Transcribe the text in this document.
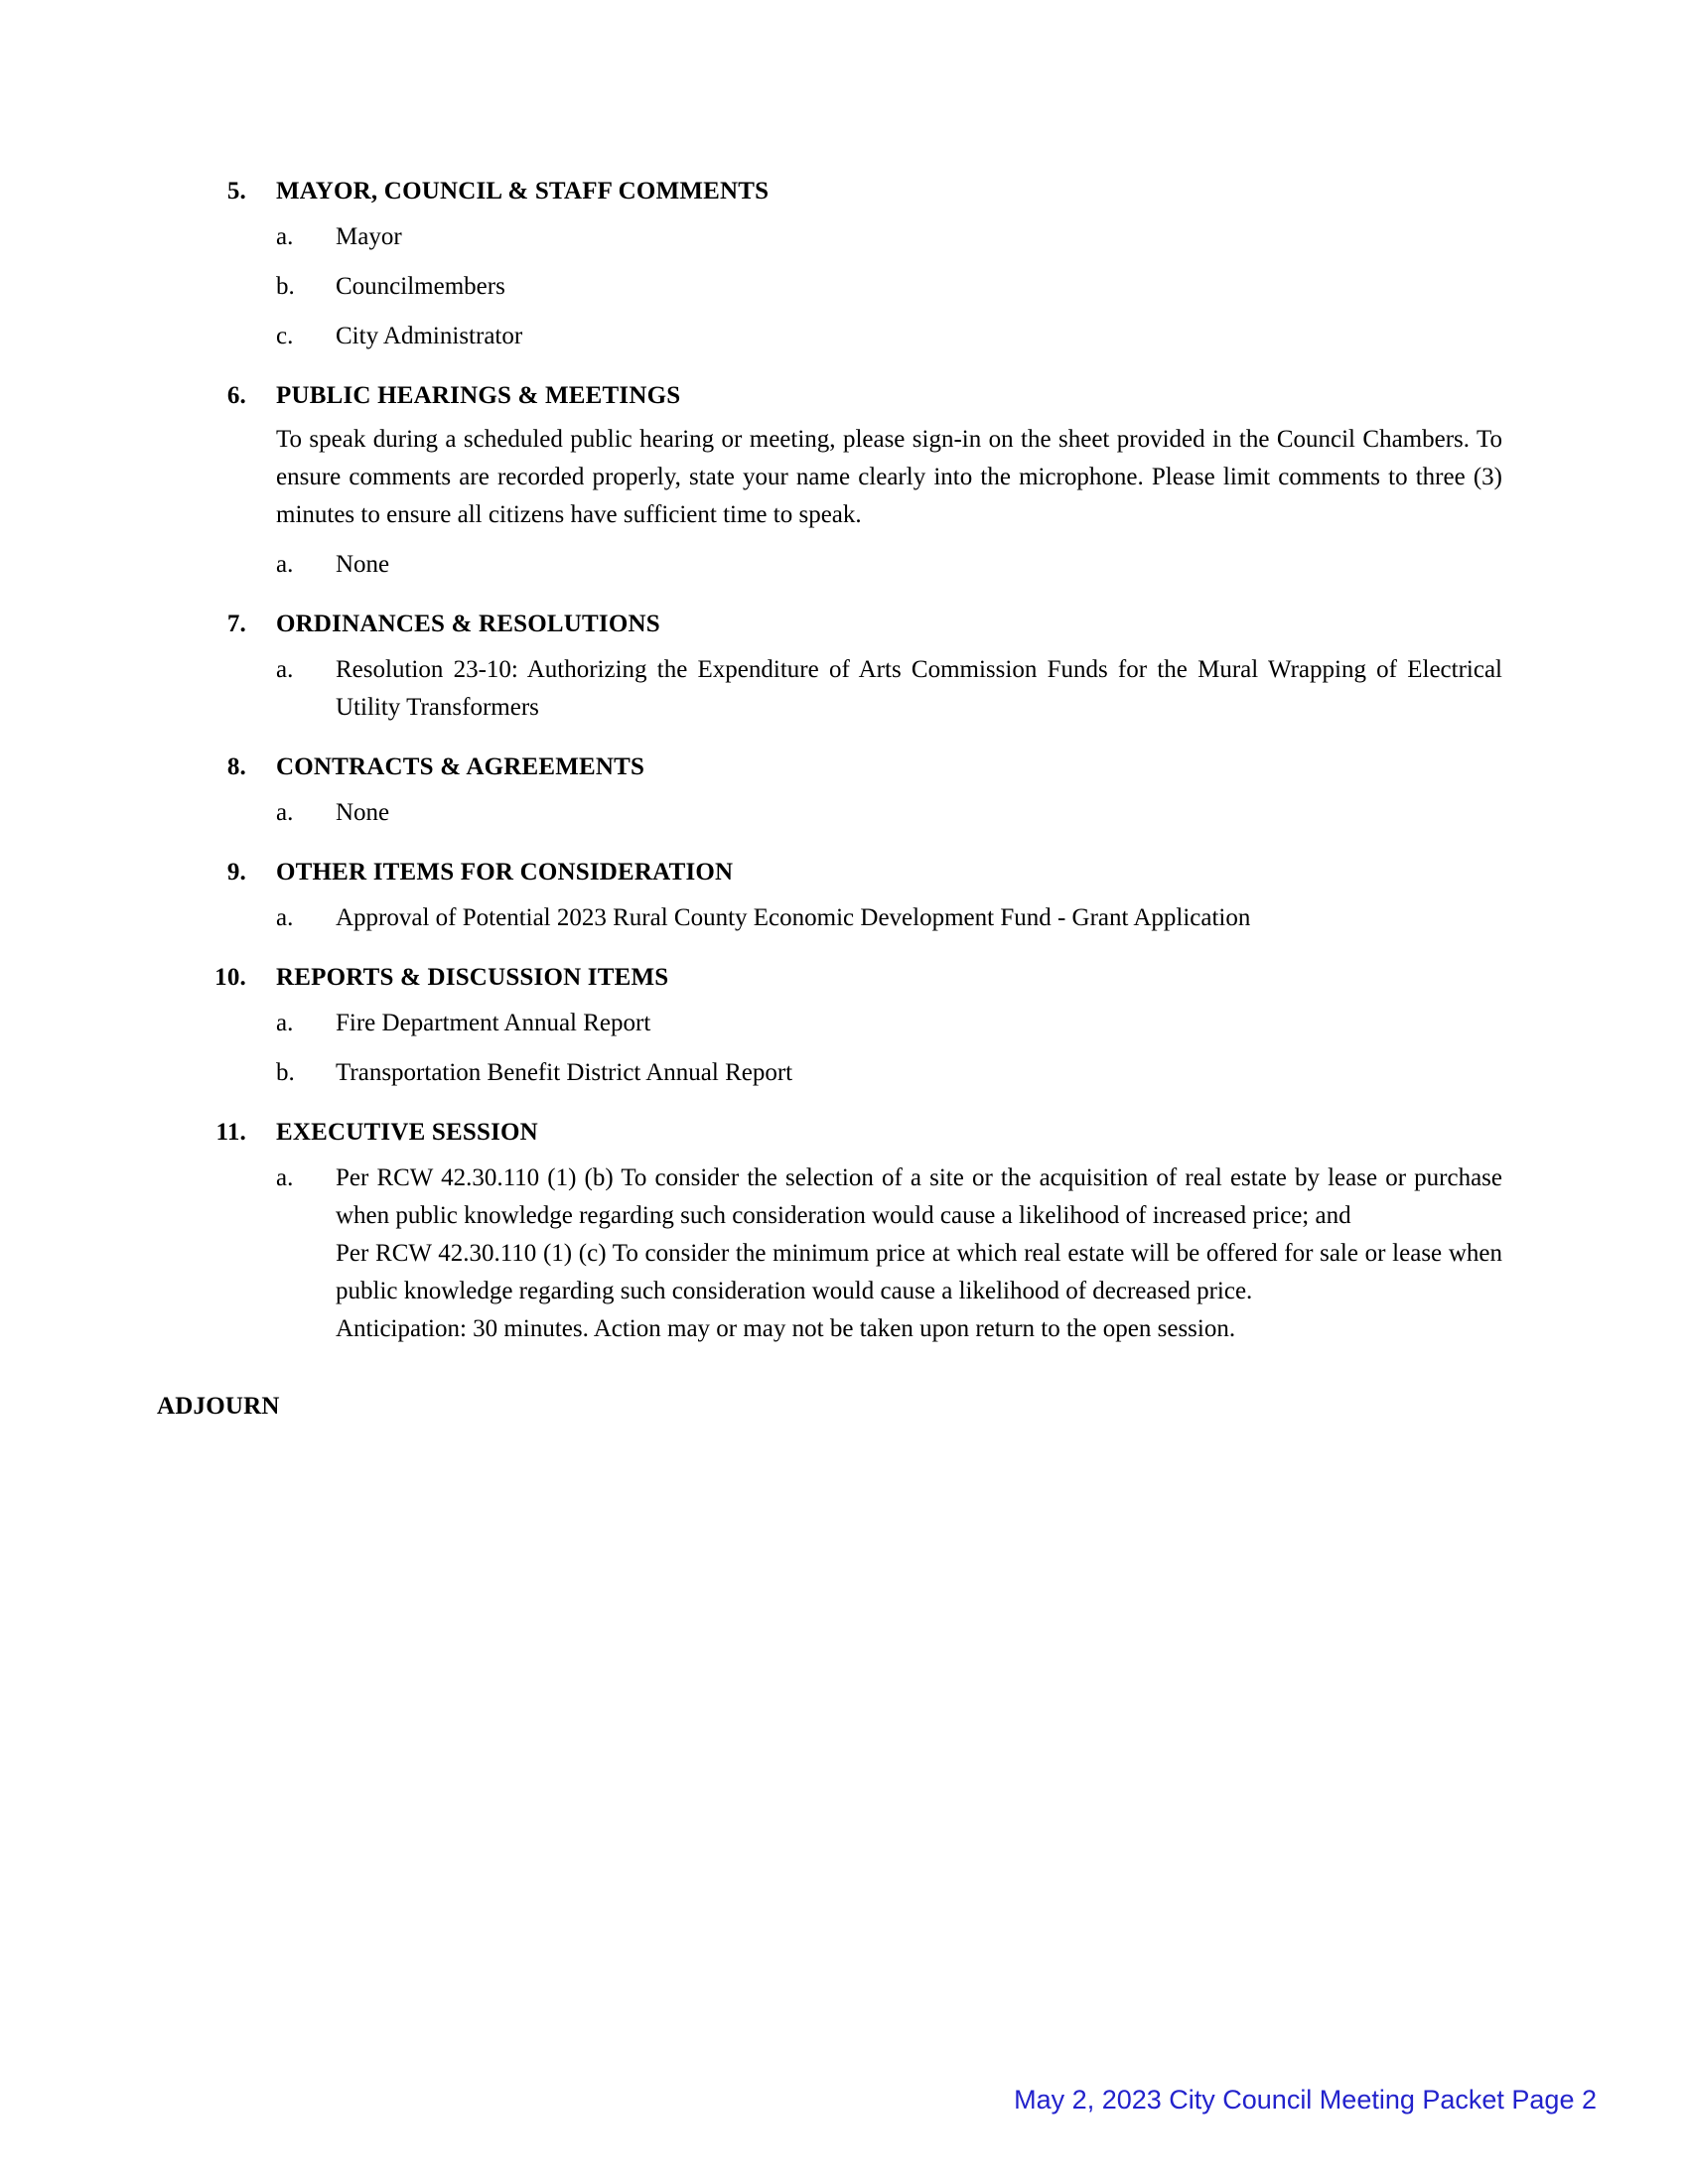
5. MAYOR, COUNCIL & STAFF COMMENTS
a.	Mayor

b.	Councilmembers

c.	City Administrator

6. PUBLIC HEARINGS & MEETINGS
To speak during a scheduled public hearing or meeting, please sign-in on the sheet provided in the Council Chambers. To ensure comments are recorded properly, state your name clearly into the microphone. Please limit comments to three (3) minutes to ensure all citizens have sufficient time to speak.
a.	None

7. ORDINANCES & RESOLUTIONS
a.	Resolution 23-10: Authorizing the Expenditure of Arts Commission Funds for the Mural Wrapping of Electrical Utility Transformers

8. CONTRACTS & AGREEMENTS
a.	None

9. OTHER ITEMS FOR CONSIDERATION
a.	Approval of Potential 2023 Rural County Economic Development Fund - Grant Application

10. REPORTS & DISCUSSION ITEMS
a.	Fire Department Annual Report

b.	Transportation Benefit District Annual Report

11. EXECUTIVE SESSION
a.	Per RCW 42.30.110 (1) (b) To consider the selection of a site or the acquisition of real estate by lease or purchase when public knowledge regarding such consideration would cause a likelihood of increased price; and

Per RCW 42.30.110 (1) (c) To consider the minimum price at which real estate will be offered for sale or lease when public knowledge regarding such consideration would cause a likelihood of decreased price.

Anticipation: 30 minutes. Action may or may not be taken upon return to the open session.

ADJOURN
May 2, 2023 City Council Meeting Packet Page 2
